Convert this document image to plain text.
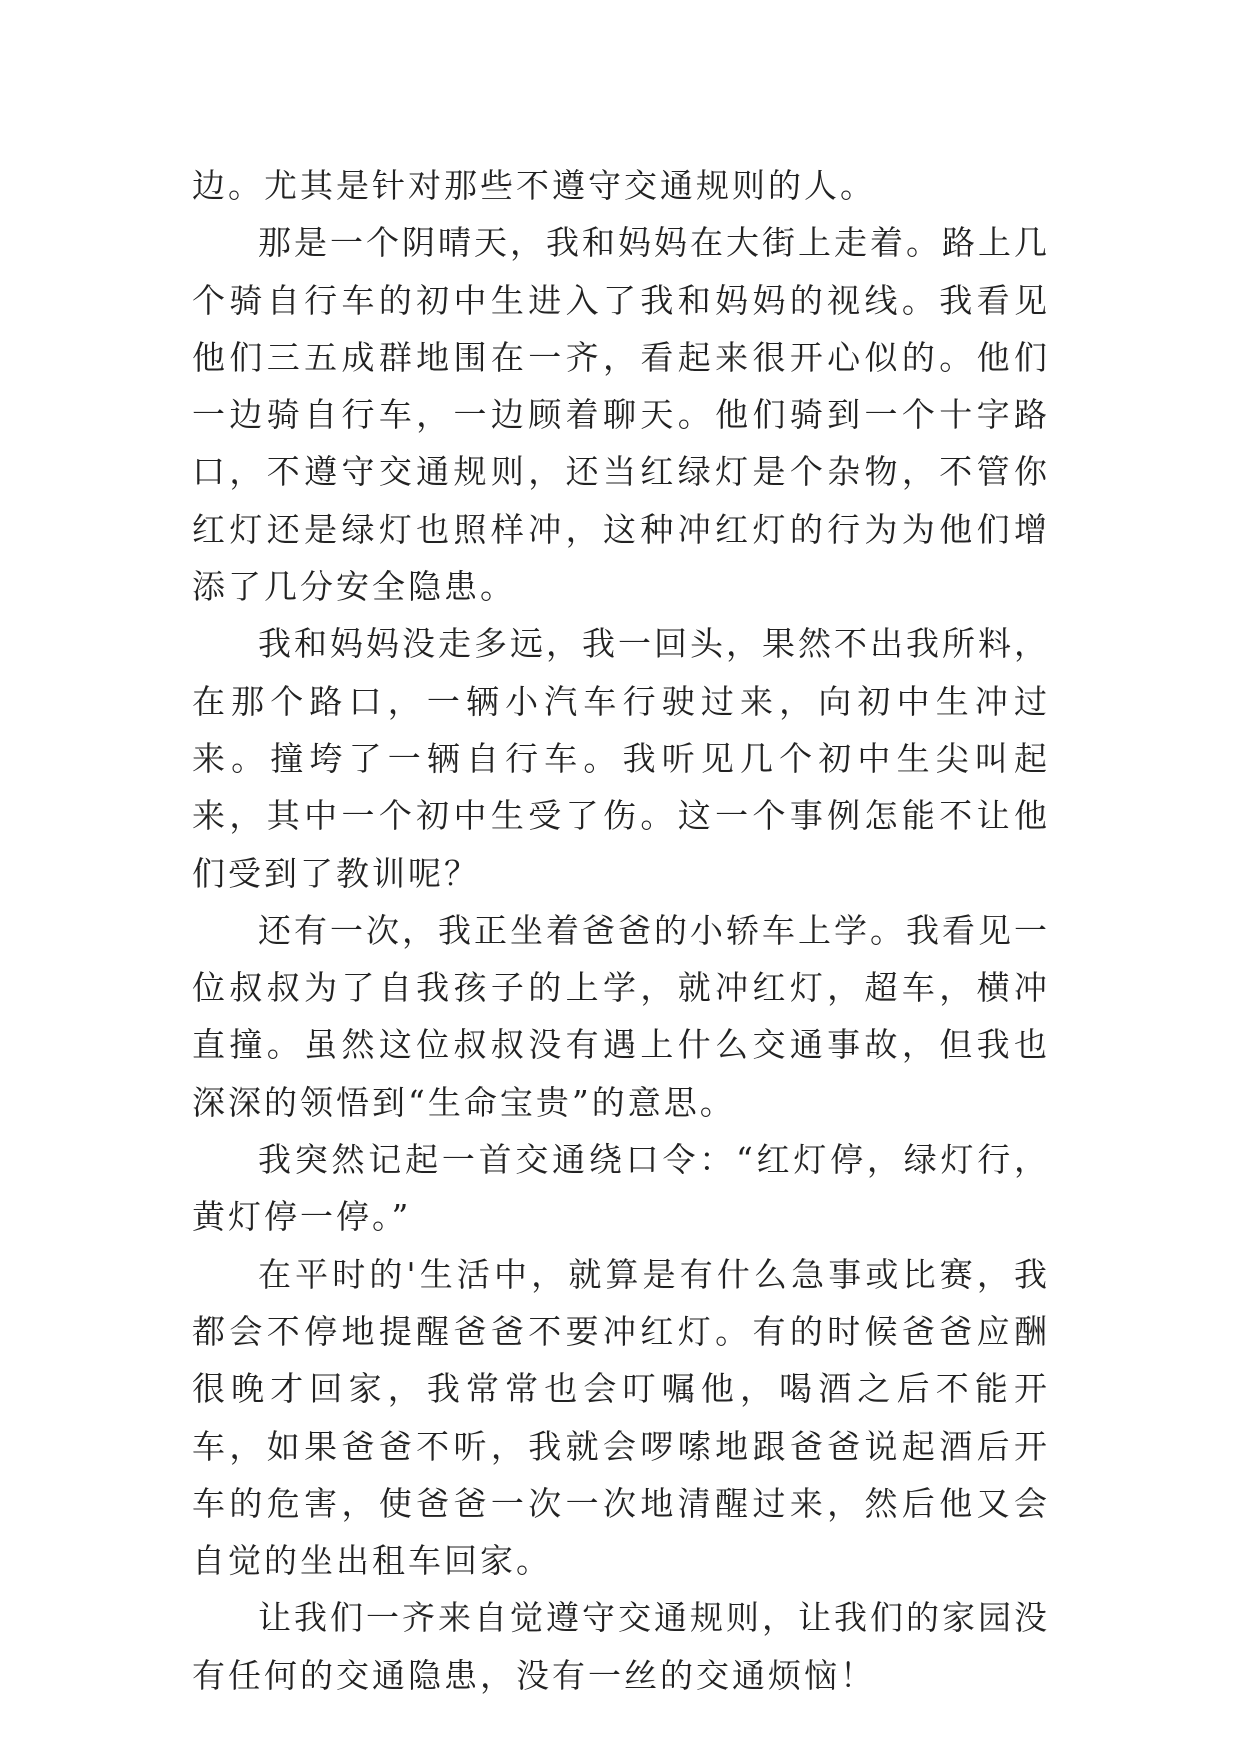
边。尤其是针对那些不遵守交通规则的人。

那是一个阴晴天，我和妈妈在大街上走着。路上几个骑自行车的初中生进入了我和妈妈的视线。我看见他们三五成群地围在一齐，看起来很开心似的。他们一边骑自行车，一边顾着聊天。他们骑到一个十字路口，不遵守交通规则，还当红绿灯是个杂物，不管你红灯还是绿灯也照样冲，这种冲红灯的行为为他们增添了几分安全隐患。

我和妈妈没走多远，我一回头，果然不出我所料，在那个路口，一辆小汽车行驶过来，向初中生冲过来。撞垮了一辆自行车。我听见几个初中生尖叫起来，其中一个初中生受了伤。这一个事例怎能不让他们受到了教训呢？

还有一次，我正坐着爸爸的小轿车上学。我看见一位叔叔为了自我孩子的上学，就冲红灯，超车，横冲直撞。虽然这位叔叔没有遇上什么交通事故，但我也深深的领悟到“生命宝贵”的意思。

我突然记起一首交通绕口令：“红灯停，绿灯行，黄灯停一停。”

在平时的'生活中，就算是有什么急事或比赛，我都会不停地提醒爸爸不要冲红灯。有的时候爸爸应酬很晚才回家，我常常也会叮嘱他，喝酒之后不能开车，如果爸爸不听，我就会啰嗦地跟爸爸说起酒后开车的危害，使爸爸一次一次地清醒过来，然后他又会自觉的坐出租车回家。

让我们一齐来自觉遵守交通规则，让我们的家园没有任何的交通隐患，没有一丝的交通烦恼！
